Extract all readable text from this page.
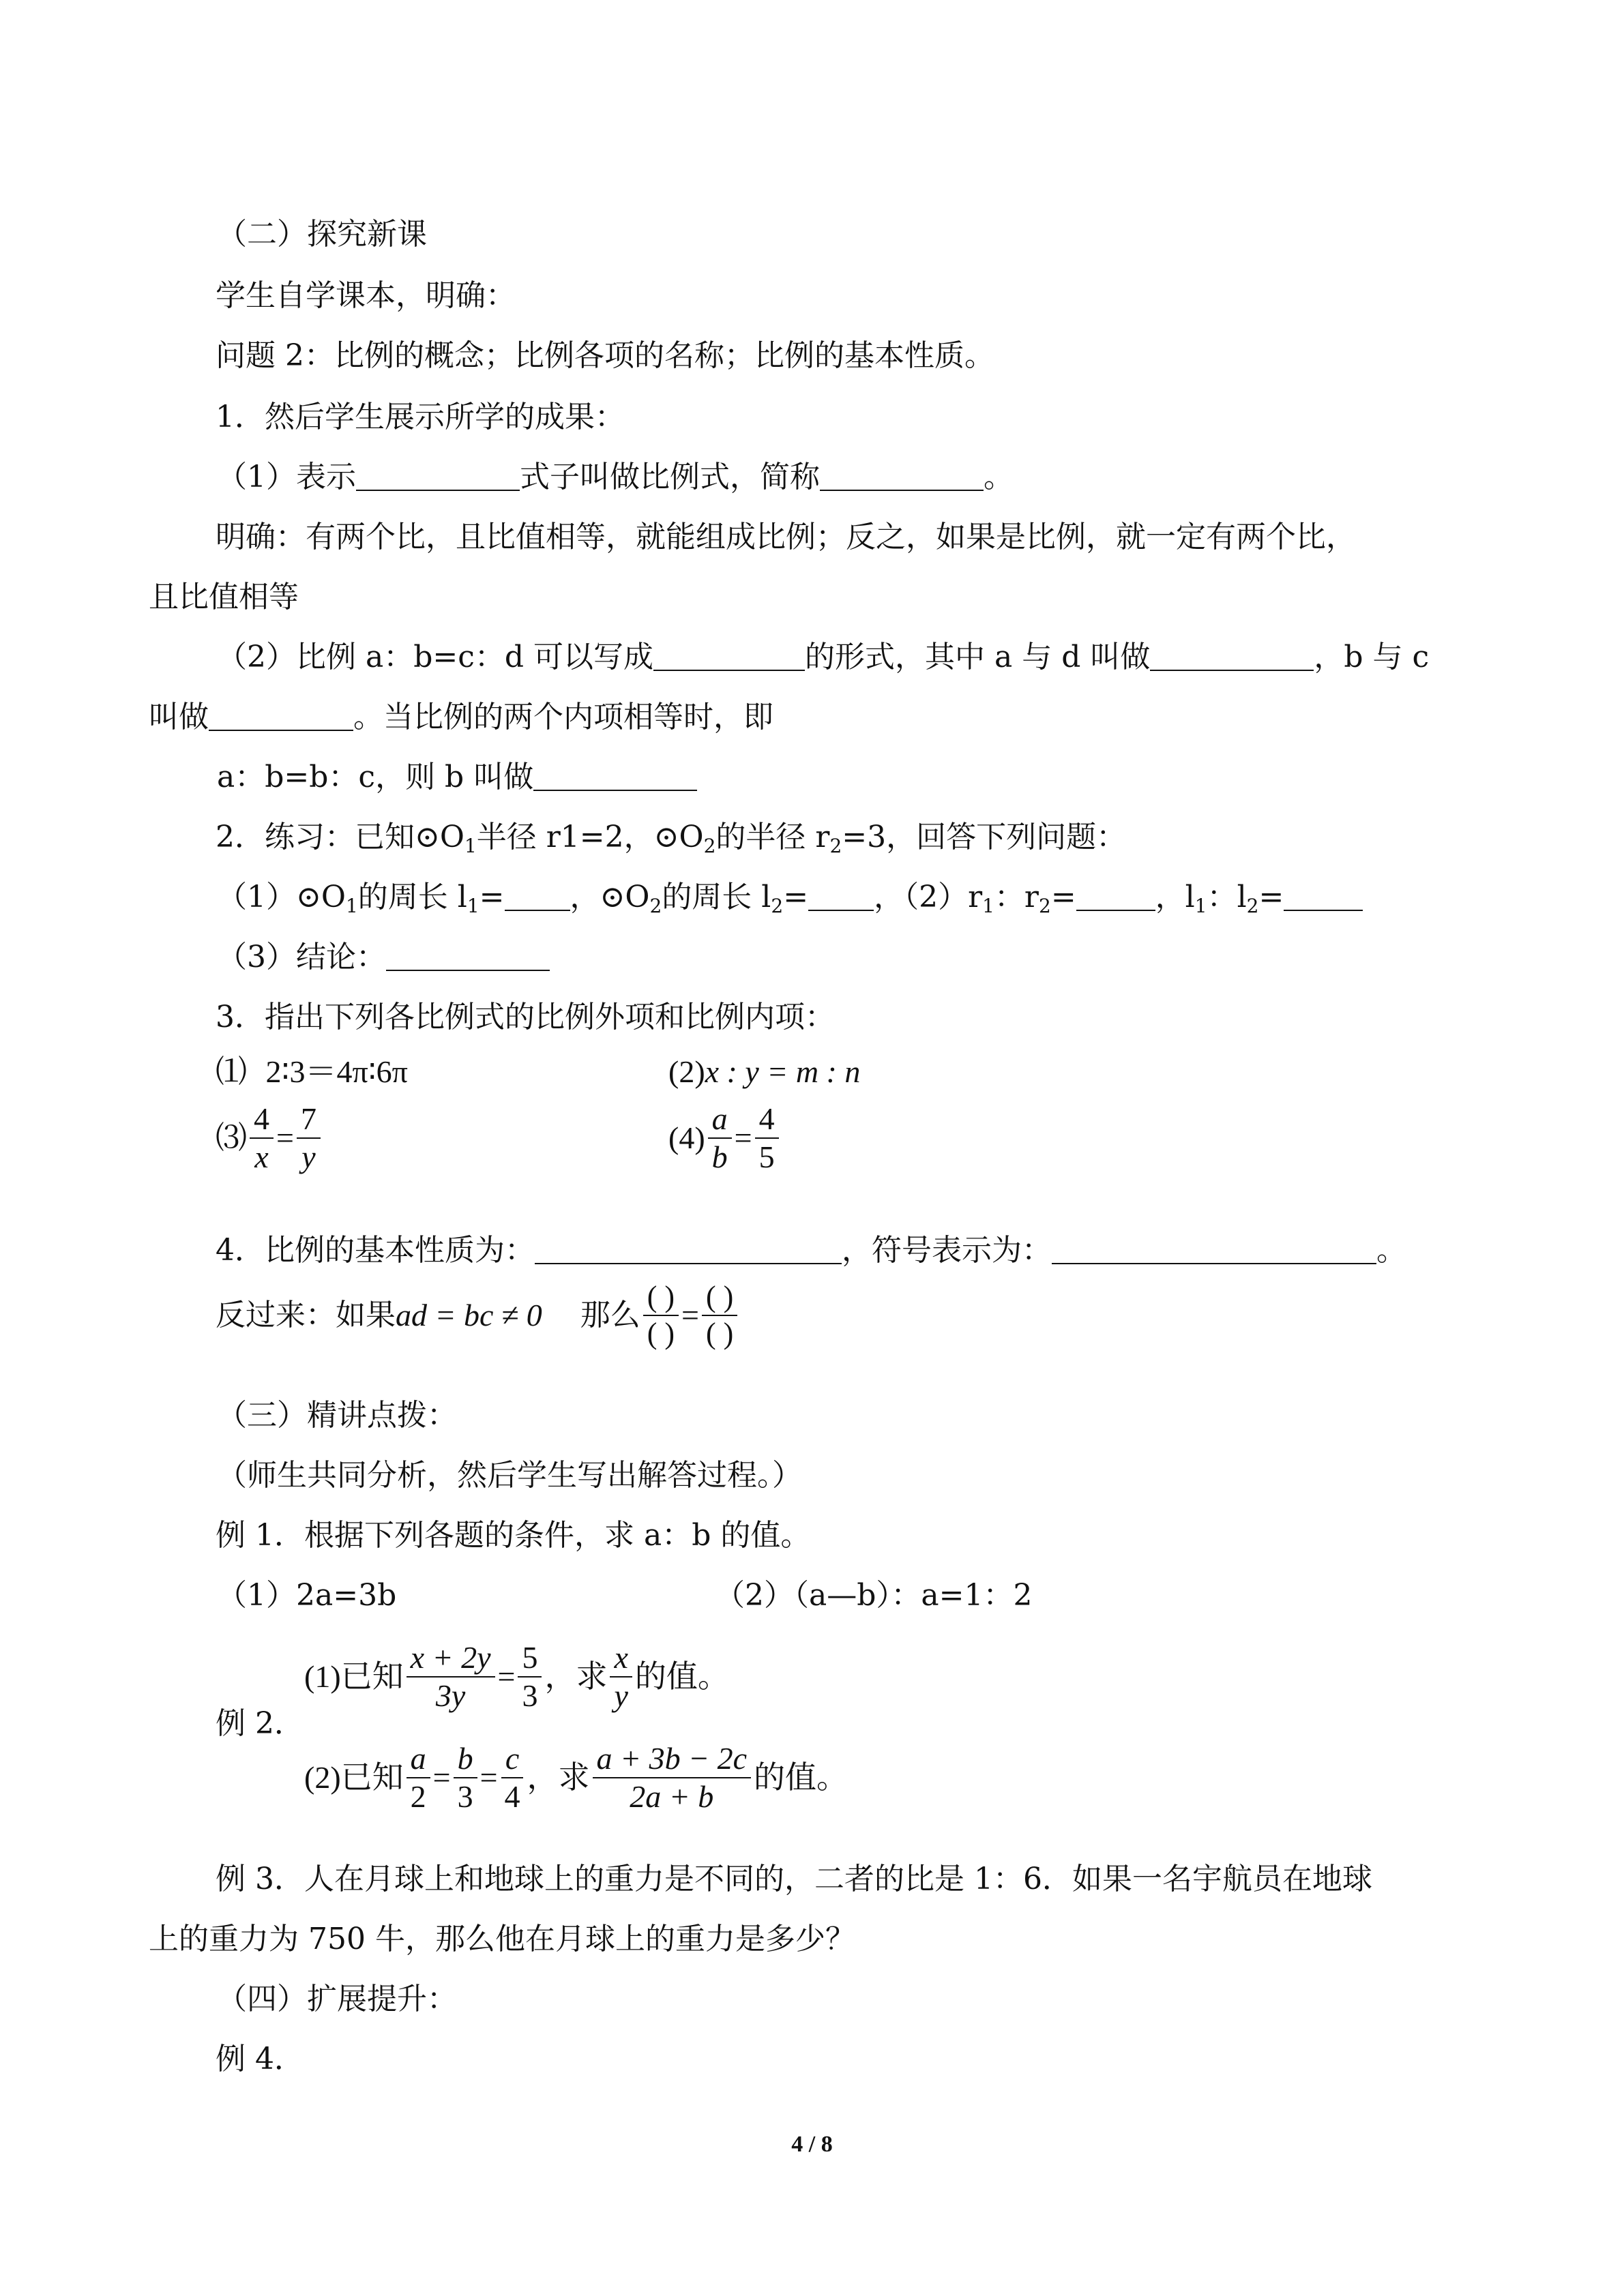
（二）探究新课
学生自学课本，明确：
问题 2：比例的概念；比例各项的名称；比例的基本性质。
1．然后学生展示所学的成果：
（1）表示	式子叫做比例式，简称	。
明确：有两个比，且比值相等，就能组成比例；反之，如果是比例，就一定有两个比，
且比值相等
（2）比例 a：b=c：d 可以写成	的形式，其中 a 与 d 叫做	，b 与 c
叫做	。当比例的两个内项相等时，即
a：b=b：c，则 b 叫做
2．练习：已知$⊙O_1$半径 r1=2，$⊙O_2$的半径 $r_2=3$，回答下列问题：
$(1)⊙O_1$的周长 $l_1=$ ，$⊙O_2$的周长 $l_2=$ ，$(2)r_1$：$r_2=$	，$l_1$：$l_2=$
（3）结论：
3．指出下列各比例式的比例外项和比例内项：
⑴ 2∶3＝4π∶6π	(2)x : y = m : n
⑶ $\frac{4}{x} = \frac{7}{y}$	$(4) \frac{a}{b} = \frac{4}{5}$
4．比例的基本性质为：	，符号表示为：	。
反过来：如果 ad = bc ≠ 0 那么 $\frac{( )}{( )} = \frac{( )}{( )}$
（三）精讲点拨：
（师生共同分析，然后学生写出解答过程。）
例 1．根据下列各题的条件，求 a：b 的值。
（1）2a=3b	（2）（a—b）：a=1：2
例 2．
(1)已知 $\frac{x + 2y}{3y} = \frac{5}{3}$ ，求 $\frac{x}{y}$ 的值。
(2)已知 $\frac{a}{2} = \frac{b}{3} = \frac{c}{4}$ ，求 $\frac{a + 3b - 2c}{2a + b}$ 的值。
例 3．人在月球上和地球上的重力是不同的，二者的比是 1：6．如果一名宇航员在地球
上的重力为 750 牛，那么他在月球上的重力是多少？
（四）扩展提升：
例 4．
4 / 8
